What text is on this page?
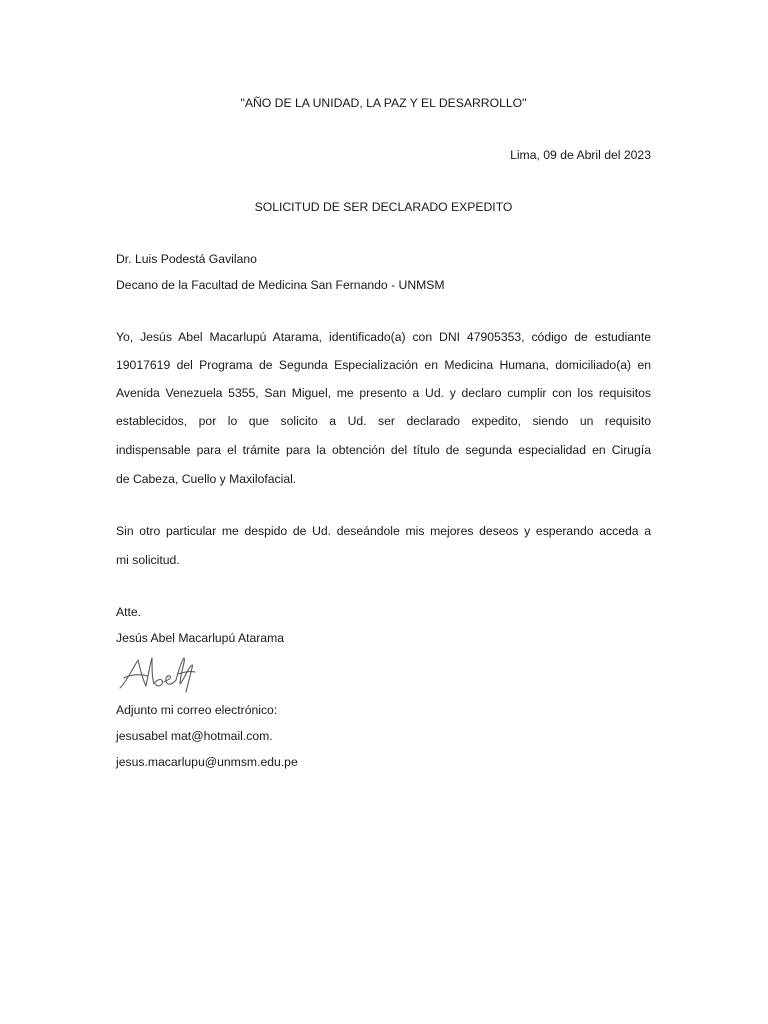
"AÑO DE LA UNIDAD, LA PAZ Y EL DESARROLLO"
Lima, 09 de Abril del 2023
SOLICITUD DE SER DECLARADO EXPEDITO
Dr. Luis Podestá Gavilano
Decano de la Facultad de Medicina San Fernando - UNMSM
Yo, Jesús Abel Macarlupú Atarama, identificado(a) con DNI 47905353, código de estudiante
19017619 del Programa de Segunda Especialización en Medicina Humana, domiciliado(a) en
Avenida Venezuela 5355, San Miguel, me presento a Ud. y declaro cumplir con los requisitos
establecidos, por lo que solicito a Ud. ser declarado expedito, siendo un requisito
indispensable para el trámite para la obtención del título de segunda especialidad en Cirugía
de Cabeza, Cuello y Maxilofacial.
Sin otro particular me despido de Ud. deseándole mis mejores deseos y esperando acceda a
mi solicitud.
Atte.
Jesús Abel Macarlupú Atarama
Adjunto mi correo electrónico:
jesusabel mat@hotmail.com.
jesus.macarlupu@unmsm.edu.pe
